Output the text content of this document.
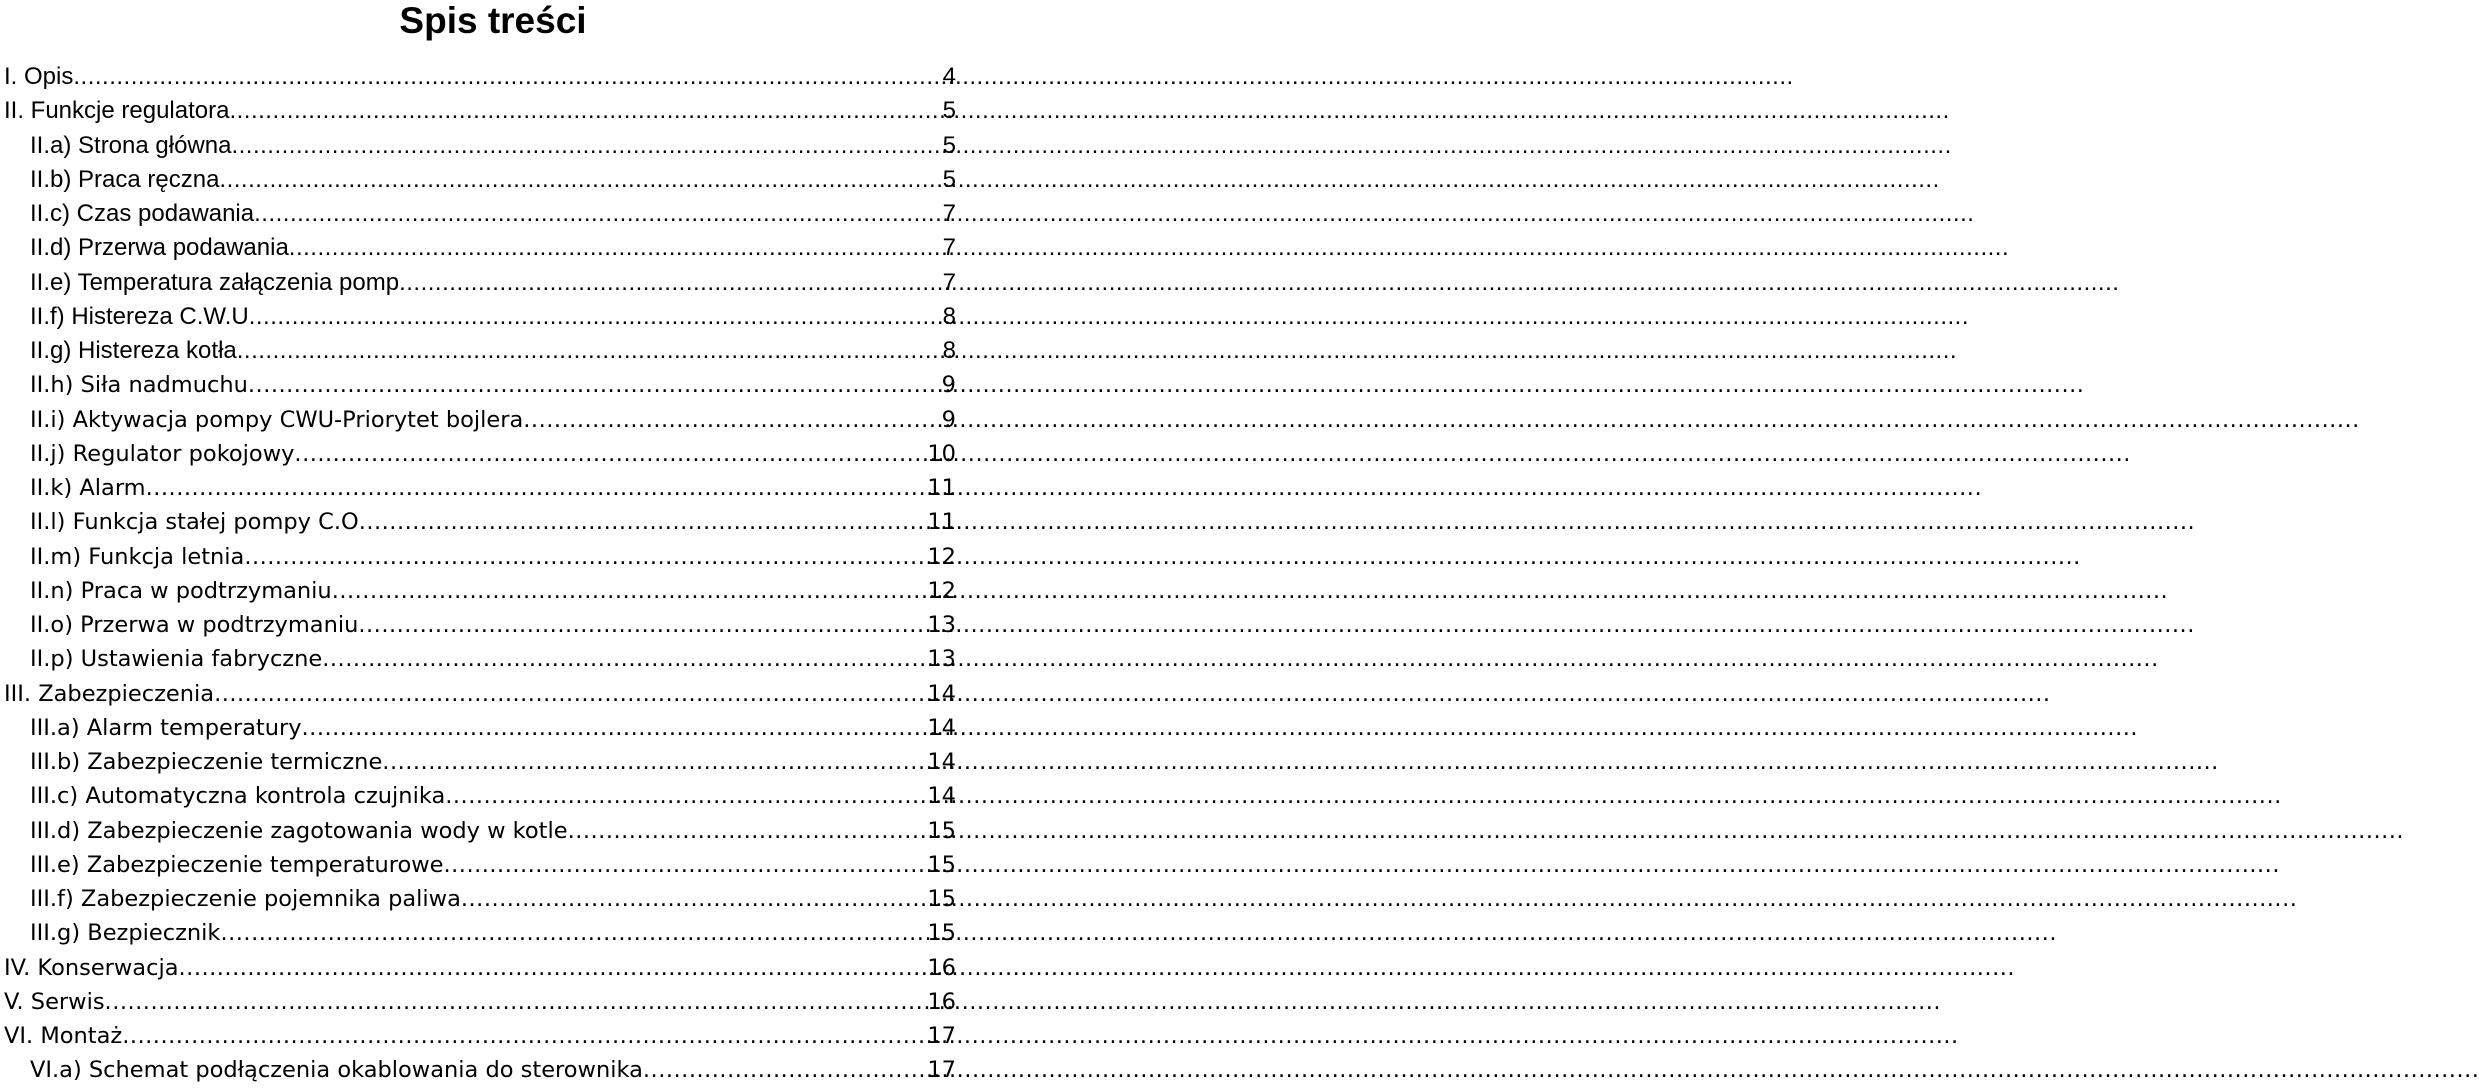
Spis treści
I. Opis .....	4
II. Funkcje regulatora .....	5
II.a) Strona główna .....	5
II.b) Praca ręczna .....	5
II.c) Czas podawania .....	7
II.d) Przerwa podawania .....	7
II.e) Temperatura załączenia pomp .....	7
II.f) Histereza C.W.U .....	8
II.g) Histereza kotła .....	8
II.h) Siła nadmuchu .....	9
II.i) Aktywacja pompy CWU-Priorytet bojlera .....	9
II.j) Regulator pokojowy .....	10
II.k) Alarm .....	11
II.l) Funkcja stałej pompy C.O .....	11
II.m) Funkcja letnia .....	12
II.n) Praca w podtrzymaniu .....	12
II.o) Przerwa w podtrzymaniu .....	13
II.p) Ustawienia fabryczne .....	13
III. Zabezpieczenia .....	14
III.a) Alarm temperatury .....	14
III.b) Zabezpieczenie termiczne .....	14
III.c) Automatyczna kontrola czujnika .....	14
III.d) Zabezpieczenie zagotowania wody w kotle .....	15
III.e) Zabezpieczenie temperaturowe .....	15
III.f) Zabezpieczenie pojemnika paliwa .....	15
III.g) Bezpiecznik .....	15
IV. Konserwacja .....	16
V. Serwis .....	16
VI. Montaż .....	17
VI.a) Schemat podłączenia okablowania do sterownika .....	17
